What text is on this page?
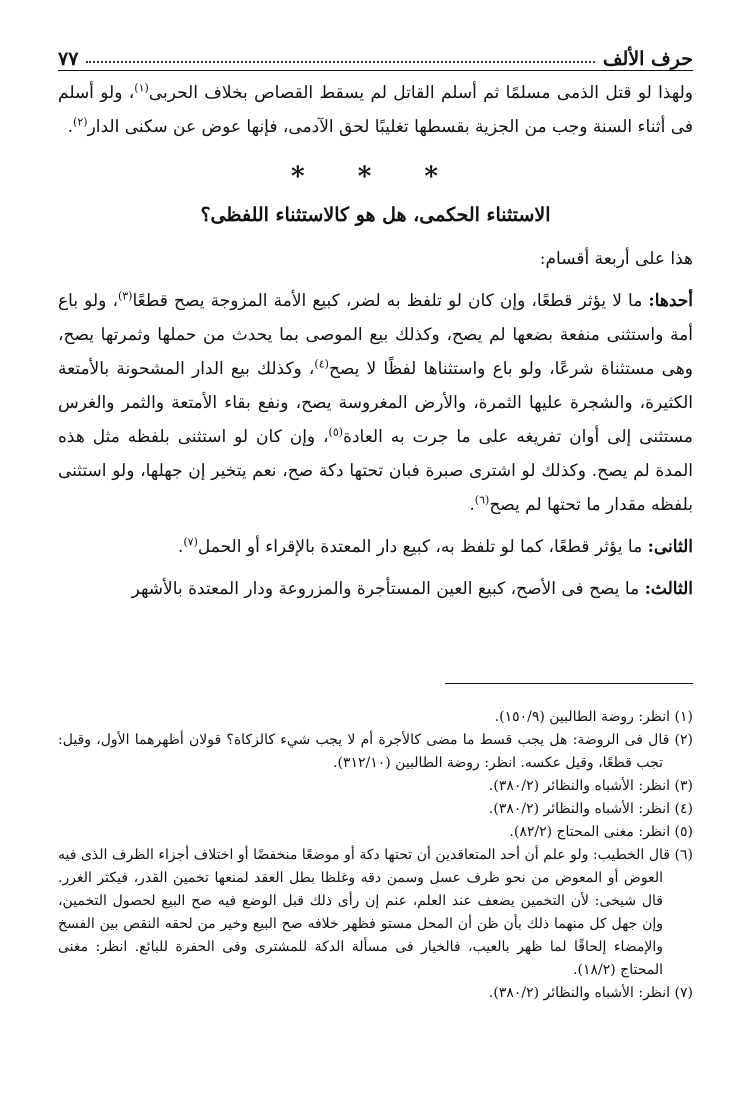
حرف الألف
٧٧

ولهذا لو قتل الذمى مسلمًا ثم أسلم القاتل لم يسقط القصاص بخلاف الحربى$^{(١)}$، ولو أسلم فى أثناء السنة وجب من الجزية بقسطها تغليبًا لحق الآدمى، فإنها عوض عن سكنى الدار$^{(٢)}$.

* * *
الاستثناء الحكمى، هل هو كالاستثناء اللفظى؟

هذا على أربعة أقسام:

أحدها: ما لا يؤثر قطعًا، وإن كان لو تلفظ به لضر، كبيع الأمة المزوجة يصح قطعًا$^{(٣)}$، ولو باع أمة واستثنى منفعة بضعها لم يصح، وكذلك بيع الموصى بما يحدث من حملها وثمرتها يصح، وهى مستثناة شرعًا، ولو باع واستثناها لفظًا لا يصح$^{(٤)}$، وكذلك بيع الدار المشحونة بالأمتعة الكثيرة، والشجرة عليها الثمرة، والأرض المغروسة يصح، ونفع بقاء الأمتعة والثمر والغرس مستثنى إلى أوان تفريغه على ما جرت به العادة$^{(٥)}$، وإن كان لو استثنى بلفظه مثل هذه المدة لم يصح. وكذلك لو اشترى صبرة فبان تحتها دكة صح، نعم يتخير إن جهلها، ولو استثنى بلفظه مقدار ما تحتها لم يصح$^{(٦)}$.

الثانى: ما يؤثر قطعًا، كما لو تلفظ به، كبيع دار المعتدة بالإقراء أو الحمل$^{(٧)}$.

الثالث: ما يصح فى الأصح، كبيع العين المستأجرة والمزروعة ودار المعتدة بالأشهر

(١) انظر: روضة الطالبين (١٥٠/٩).
(٢) قال فى الروضة: هل يجب قسط ما مضى كالأجرة أم لا يجب شيء كالزكاة؟ قولان أظهرهما الأول، وقيل: تجب قطعًا، وقيل عكسه. انظر: روضة الطالبين (٣١٢/١٠).
(٣) انظر: الأشباه والنظائر (٣٨٠/٢).
(٤) انظر: الأشباه والنظائر (٣٨٠/٢).
(٥) انظر: مغنى المحتاج (٨٢/٢).
(٦) قال الخطيب: ولو علم أن أحد المتعاقدين أن تحتها دكة أو موضعًا منخفضًا أو اختلاف أجزاء الظرف الذى فيه العوض أو المعوض من نحو ظرف عسل وسمن دقه وغلظا بطل العقد لمنعها تخمين القدر، فيكثر الغرر. قال شيخى: لأن التخمين يضعف عند العلم، عنم إن رأى ذلك قبل الوضع فيه صح البيع لحصول التخمين، وإن جهل كل منهما ذلك بأن ظن أن المحل مستو فظهر خلافه صح البيع وخير من لحقه النقص بين الفسخ والإمضاء إلحاقًا لما ظهر بالعيب، فالخيار فى مسألة الدكة للمشترى وفى الحفرة للبائع. انظر: مغنى المحتاج (١٨/٢).
(٧) انظر: الأشباه والنظائر (٣٨٠/٢).
